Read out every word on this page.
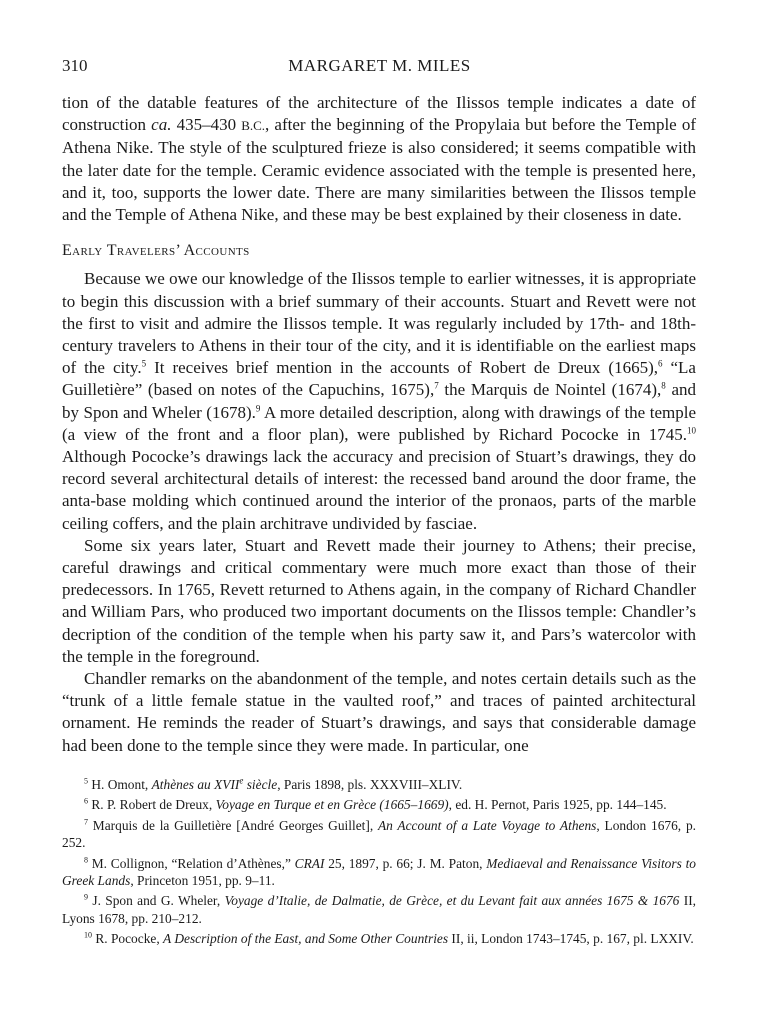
310	MARGARET M. MILES

tion of the datable features of the architecture of the Ilissos temple indicates a date of construction ca. 435–430 B.C., after the beginning of the Propylaia but before the Temple of Athena Nike. The style of the sculptured frieze is also considered; it seems compatible with the later date for the temple. Ceramic evidence associated with the temple is presented here, and it, too, supports the lower date. There are many similarities between the Ilissos temple and the Temple of Athena Nike, and these may be best explained by their closeness in date.

Early Travelers’ Accounts

Because we owe our knowledge of the Ilissos temple to earlier witnesses, it is appropriate to begin this discussion with a brief summary of their accounts. Stuart and Revett were not the first to visit and admire the Ilissos temple. It was regularly included by 17th- and 18th-century travelers to Athens in their tour of the city, and it is identifiable on the earliest maps of the city.$^5$ It receives brief mention in the accounts of Robert de Dreux (1665),$^6$ “La Guilletière” (based on notes of the Capuchins, 1675),$^7$ the Marquis de Nointel (1674),$^8$ and by Spon and Wheler (1678).$^9$ A more detailed description, along with drawings of the temple (a view of the front and a floor plan), were published by Richard Pococke in 1745.10 Although Pococke’s drawings lack the accuracy and precision of Stuart’s drawings, they do record several architectural details of interest: the recessed band around the door frame, the anta-base molding which continued around the interior of the pronaos, parts of the marble ceiling coffers, and the plain architrave undivided by fasciae.

Some six years later, Stuart and Revett made their journey to Athens; their precise, careful drawings and critical commentary were much more exact than those of their predecessors. In 1765, Revett returned to Athens again, in the company of Richard Chandler and William Pars, who produced two important documents on the Ilissos temple: Chandler’s decription of the condition of the temple when his party saw it, and Pars’s watercolor with the temple in the foreground.

Chandler remarks on the abandonment of the temple, and notes certain details such as the “trunk of a little female statue in the vaulted roof,” and traces of painted architectural ornament. He reminds the reader of Stuart’s drawings, and says that considerable damage had been done to the temple since they were made. In particular, one

$^5$ H. Omont, Athènes au XVIIe siècle, Paris 1898, pls. XXXVIII–XLIV.

$^6$ R. P. Robert de Dreux, Voyage en Turque et en Grèce (1665–1669), ed. H. Pernot, Paris 1925, pp. 144–145.

$^7$ Marquis de la Guilletière [André Georges Guillet], An Account of a Late Voyage to Athens, London 1676, p. 252.

$^8$ M. Collignon, “Relation d’Athènes,” CRAI 25, 1897, p. 66; J. M. Paton, Mediaeval and Renaissance Visitors to Greek Lands, Princeton 1951, pp. 9–11.

$^9$ J. Spon and G. Wheler, Voyage d’Italie, de Dalmatie, de Grèce, et du Levant fait aux années 1675 & 1676 II, Lyons 1678, pp. 210–212.

$^{10}$ R. Pococke, A Description of the East, and Some Other Countries II, ii, London 1743–1745, p. 167, pl. LXXIV.
